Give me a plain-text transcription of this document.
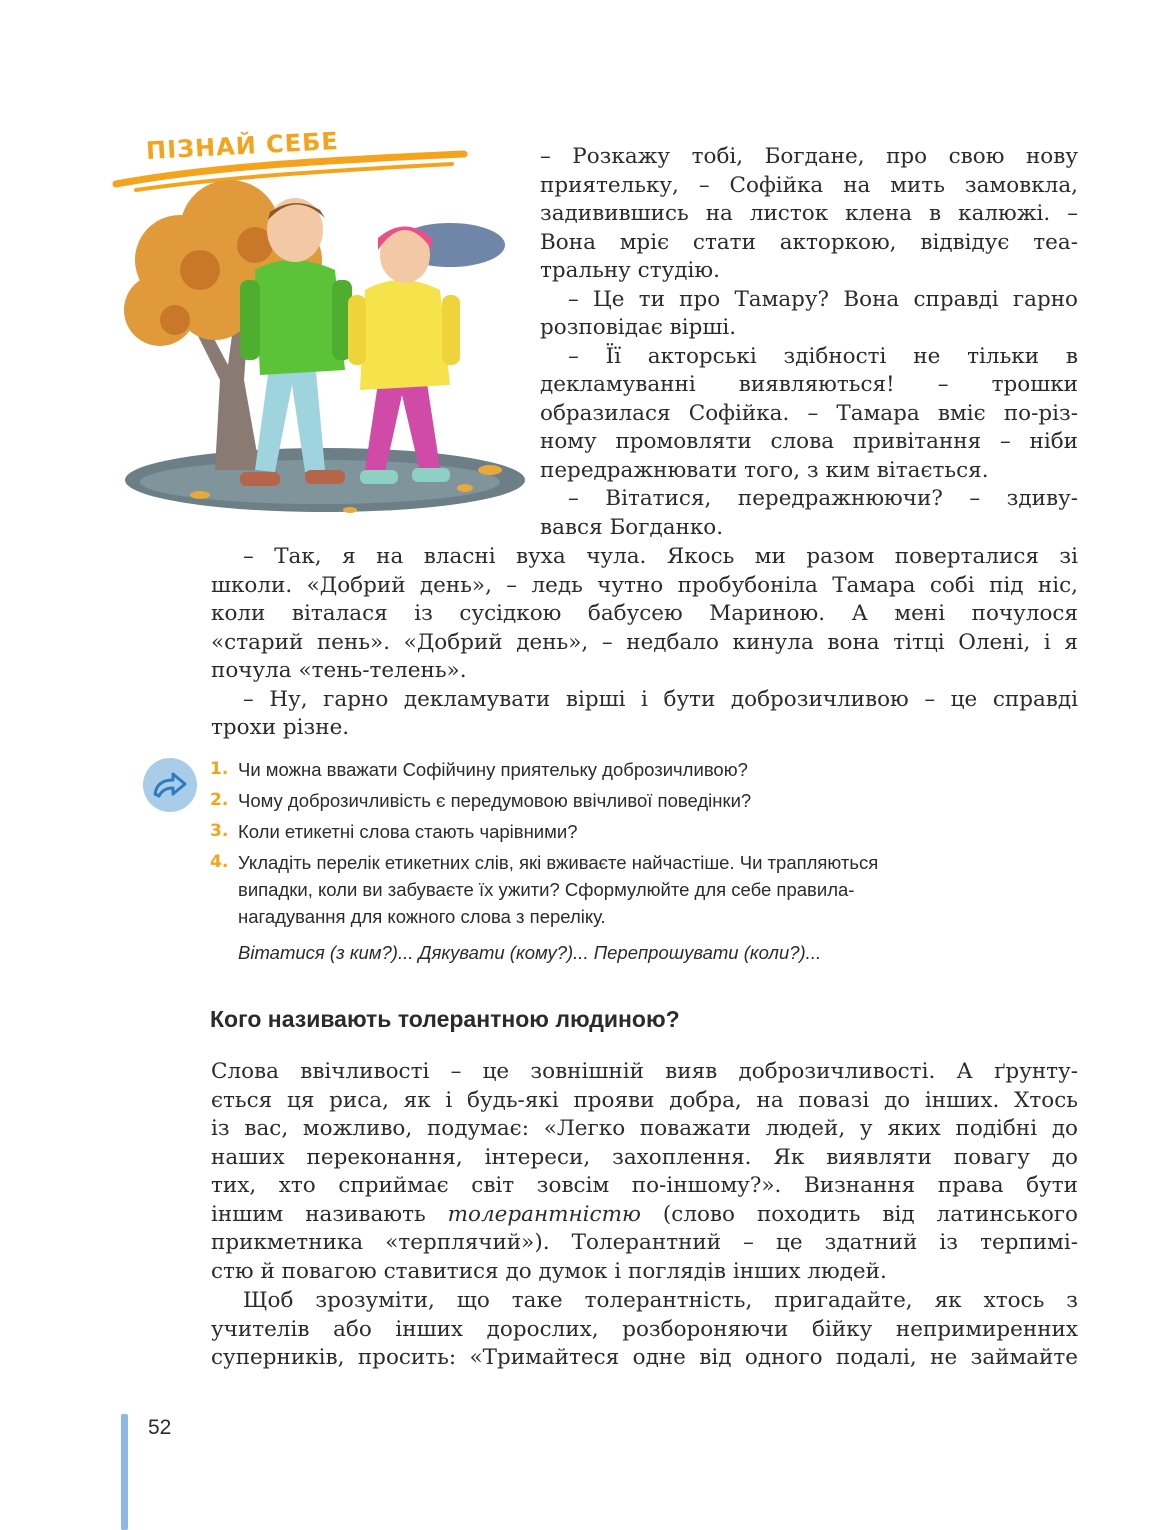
ПІЗНАЙ СЕБЕ	– Розкажу тобі, Богдане, про свою нову
приятельку, – Софійка на мить замовкла,
задивившись на листок клена в калюжі. –
Вона мріє стати акторкою, відвідує теа-
тральну студію.
– Це ти про Тамару? Вона справді гарно
розповідає вірші.
– Її акторські здібності не тільки в
декламуванні виявляються! – трошки
образилася Софійка. – Тамара вміє по-різ-
ному промовляти слова привітання – ніби
передражнювати того, з ким вітається.
– Вітатися, передражнюючи? – здиву-
вався Богданко.
– Так, я на власні вуха чула. Якось ми разом поверталися зі
школи. «Добрий день», – ледь чутно пробубоніла Тамара собі під ніс,
коли віталася із сусідкою бабусею Мариною. А мені почулося
«старий пень». «Добрий день», – недбало кинула вона тітці Олені, і я
почула «тень-телень».
– Ну, гарно декламувати вірші і бути доброзичливою – це справді
трохи різне.
1. Чи можна вважати Софійчину приятельку доброзичливою?
2. Чому доброзичливість є передумовою ввічливої поведінки?
3. Коли етикетні слова стають чарівними?
4. Укладіть перелік етикетних слів, які вживаєте найчастіше. Чи трапляються
випадки, коли ви забуваєте їх ужити? Сформулюйте для себе правила-
нагадування для кожного слова з переліку.
Вітатися (з ким?)... Дякувати (кому?)... Перепрошувати (коли?)...
Кого називають толерантною людиною?
Слова ввічливості – це зовнішній вияв доброзичливості. А ґрунту-
ється ця риса, як і будь-які прояви добра, на повазі до інших. Хтось
із вас, можливо, подумає: «Легко поважати людей, у яких подібні до
наших переконання, інтереси, захоплення. Як виявляти повагу до
тих, хто сприймає світ зовсім по-іншому?». Визнання права бути
іншим називають толерантністю (слово походить від латинського
прикметника «терплячий»). Толерантний – це здатний із терпимі-
стю й повагою ставитися до думок і поглядів інших людей.
Щоб зрозуміти, що таке толерантність, пригадайте, як хтось з
учителів або інших дорослих, розбороняючи бійку непримиренних
суперників, просить: «Тримайтеся одне від одного подалі, не займайте
52
